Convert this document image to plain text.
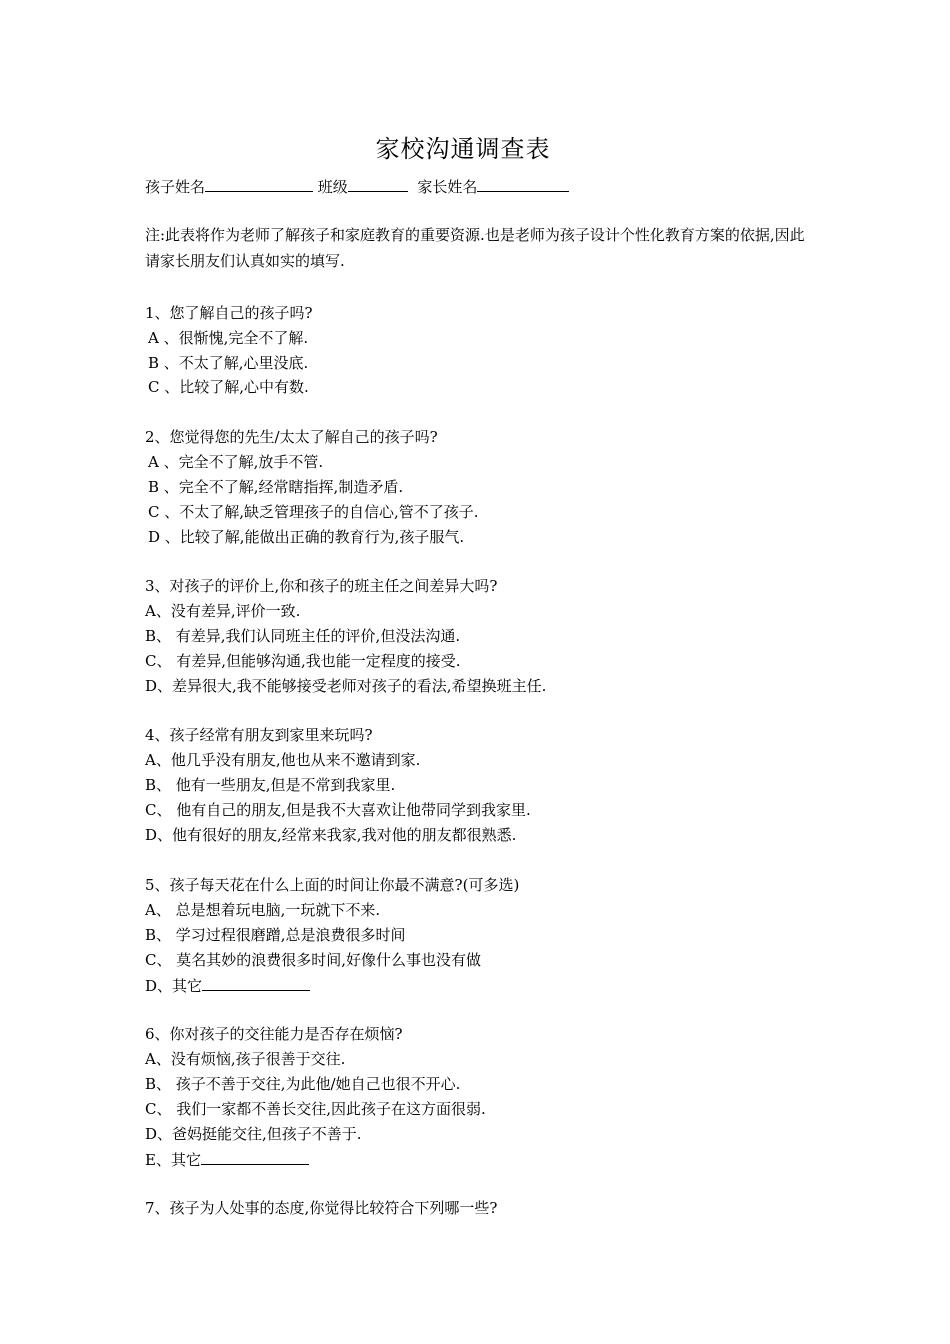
家校沟通调查表
孩子姓名	班级	家长姓名
注:此表将作为老师了解孩子和家庭教育的重要资源.也是老师为孩子设计个性化教育方案的依据,因此请家长朋友们认真如实的填写.
1、您了解自己的孩子吗?
A 、很惭愧,完全不了解.
B 、不太了解,心里没底.
C 、比较了解,心中有数.
2、您觉得您的先生/太太了解自己的孩子吗?
A 、完全不了解,放手不管.
B 、完全不了解,经常瞎指挥,制造矛盾.
C 、不太了解,缺乏管理孩子的自信心,管不了孩子.
D 、比较了解,能做出正确的教育行为,孩子服气.
3、对孩子的评价上,你和孩子的班主任之间差异大吗?
A、没有差异,评价一致.
B、 有差异,我们认同班主任的评价,但没法沟通.
C、 有差异,但能够沟通,我也能一定程度的接受.
D、差异很大,我不能够接受老师对孩子的看法,希望换班主任.
4、孩子经常有朋友到家里来玩吗?
A、他几乎没有朋友,他也从来不邀请到家.
B、 他有一些朋友,但是不常到我家里.
C、 他有自己的朋友,但是我不大喜欢让他带同学到我家里.
D、他有很好的朋友,经常来我家,我对他的朋友都很熟悉.
5、孩子每天花在什么上面的时间让你最不满意?(可多选)
A、 总是想着玩电脑,一玩就下不来.
B、 学习过程很磨蹭,总是浪费很多时间
C、 莫名其妙的浪费很多时间,好像什么事也没有做
D、其它
6、你对孩子的交往能力是否存在烦恼?
A、没有烦恼,孩子很善于交往.
B、 孩子不善于交往,为此他/她自己也很不开心.
C、 我们一家都不善长交往,因此孩子在这方面很弱.
D、爸妈挺能交往,但孩子不善于.
E、其它
7、孩子为人处事的态度,你觉得比较符合下列哪一些?
